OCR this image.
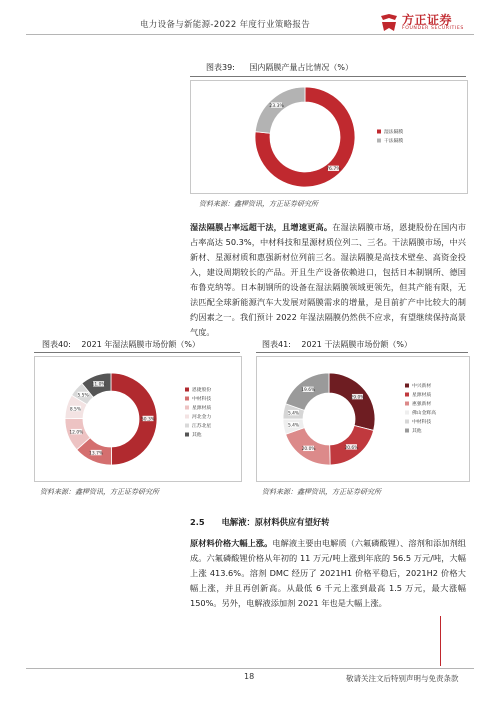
电力设备与新能源-2022 年度行业策略报告	方正证券
FOUNDER SECURITIES
图表39: 国内隔膜产量占比情况（%）
76.7%
23.3%
湿法隔膜
干法隔膜
资料来源：鑫椤资讯，方正证券研究所
湿法隔膜占率远超干法，且增速更高。在湿法隔膜市场，恩捷股份在国内市占率高达 50.3%，中材科技和星源材质位列二、三名。干法隔膜市场，中兴新材、星源材质和惠强新材位列前三名。湿法隔膜是高技术壁垒、高资金投入，建设周期较长的产品。开且生产设备依赖进口，包括日本制钢所、德国布鲁克纳等。日本制钢所的设备在湿法隔膜领域更领先，但其产能有限，无法匹配全球新能源汽车大发展对隔膜需求的增量，是目前扩产中比较大的制约因素之一。我们预计 2022 年湿法隔膜仍然供不应求，有望继续保持高景气度。
图表40: 2021 年湿法隔膜市场份额（%）
50.3%
13.7%
12.0%
8.5%
5.5%
11.0%
恩捷股份
中材科技
星源材质
河北金力
江苏北星
其他
资料来源：鑫椤资讯，方正证券研究所
图表41: 2021 干法隔膜市场份额（%）
29.0%
20.6%
20.0%
5.4%
5.4%
19.6%
中兴新材
星源材质
惠强新材
佛山金辉高
中材科技
其他
资料来源：鑫椤资讯，方正证券研究所
2.5 电解液：原材料供应有望好转
原材料价格大幅上涨。电解液主要由电解质（六氟磷酸锂）、溶剂和添加剂组成。六氟磷酸锂价格从年初的 11 万元/吨上涨到年底的 56.5 万元/吨，大幅上涨 413.6%。溶剂 DMC 经历了 2021H1 价格平稳后，2021H2 价格大幅上涨，并且再创新高。从最低 6 千元上涨到最高 1.5 万元，最大涨幅 150%。另外，电解液添加剂 2021 年也是大幅上涨。
18	敬请关注文后特别声明与免责条款
